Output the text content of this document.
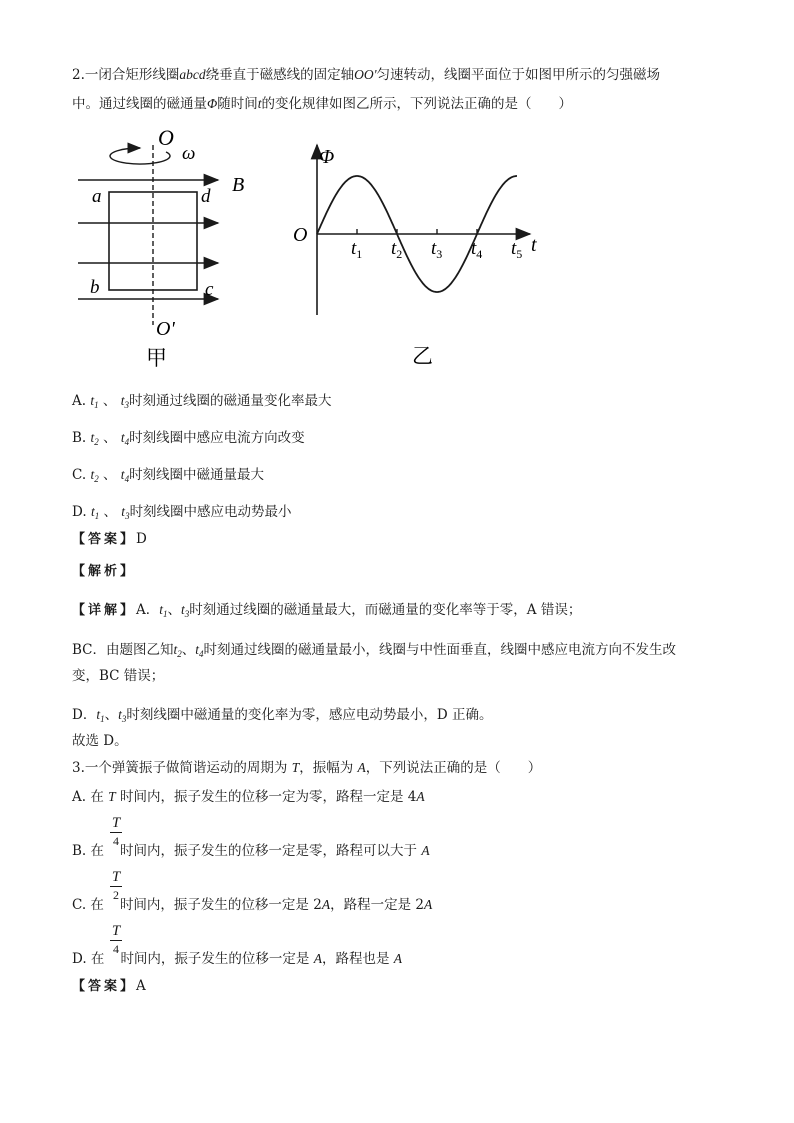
2.一闭合矩形线圈abcd绕垂直于磁感线的固定轴OO'匀速转动，线圈平面位于如图甲所示的匀强磁场
中。通过线圈的磁通量Φ随时间t的变化规律如图乙所示，下列说法正确的是（　　）
O
ω
B
a	d
b	c
O'
甲
$t_1$ $t_2$ $t_3$ $t_4$ $t_5$
Φ
O	t
乙
A. $t_1$ 、 $t_3$时刻通过线圈的磁通量变化率最大
B. $t_2$ 、 $t_4$时刻线圈中感应电流方向改变
C. $t_2$ 、 $t_4$时刻线圈中磁通量最大
D. $t_1$ 、 $t_3$时刻线圈中感应电动势最小
【答案】D
【解析】
【详解】A．$t_1$、$t_3$时刻通过线圈的磁通量最大，而磁通量的变化率等于零，A 错误；
BC．由题图乙知$t_2$、$t_4$时刻通过线圈的磁通量最小，线圈与中性面垂直，线圈中感应电流方向不发生改
变，BC 错误；
D．$t_1$、$t_3$时刻线圈中磁通量的变化率为零，感应电动势最小，D 正确。
故选 D。
3.一个弹簧振子做简谐运动的周期为 T，振幅为 A，下列说法正确的是（　　）
A. 在 T 时间内，振子发生的位移一定为零，路程一定是 4A
T
4
B. 在 时间内，振子发生的位移一定是零，路程可以大于 A
T
2
C. 在 时间内，振子发生的位移一定是 2A，路程一定是 2A
T
4
D. 在 时间内，振子发生的位移一定是 A，路程也是 A
【答案】A
